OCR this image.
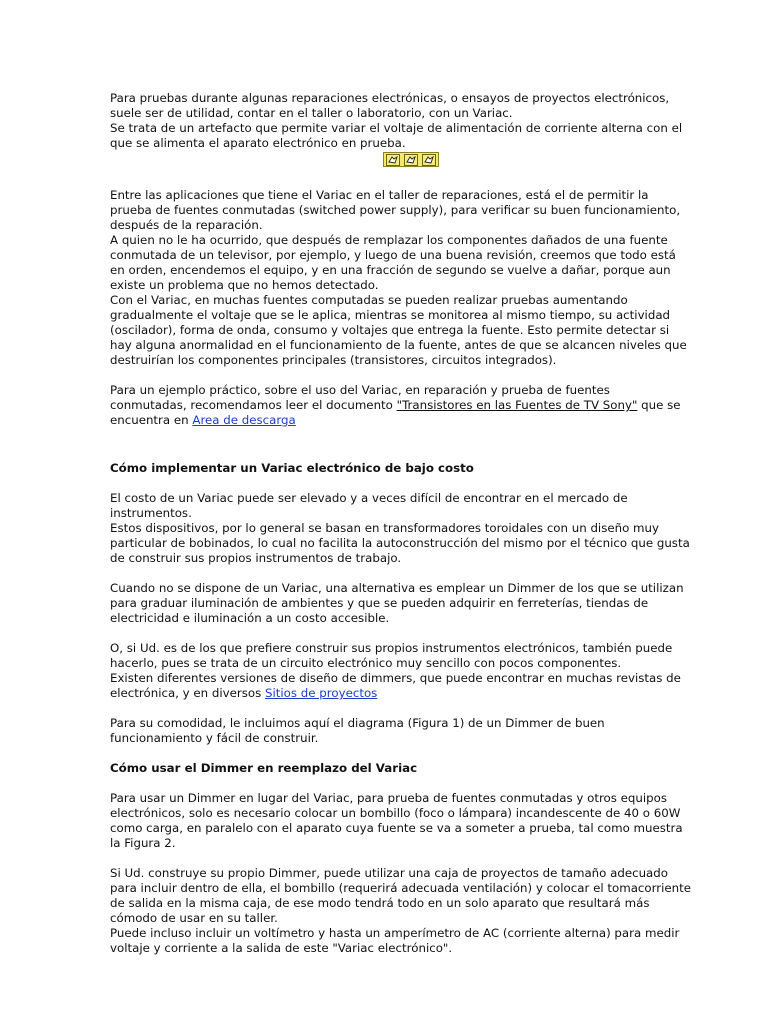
Para pruebas durante algunas reparaciones electrónicas, o ensayos de proyectos electrónicos,
suele ser de utilidad, contar en el taller o laboratorio, con un Variac.
Se trata de un artefacto que permite variar el voltaje de alimentación de corriente alterna con el
que se alimenta el aparato electrónico en prueba.

Entre las aplicaciones que tiene el Variac en el taller de reparaciones, está el de permitir la
prueba de fuentes conmutadas (switched power supply), para verificar su buen funcionamiento,
después de la reparación.
A quien no le ha ocurrido, que después de remplazar los componentes dañados de una fuente
conmutada de un televisor, por ejemplo, y luego de una buena revisión, creemos que todo está
en orden, encendemos el equipo, y en una fracción de segundo se vuelve a dañar, porque aun
existe un problema que no hemos detectado.
Con el Variac, en muchas fuentes computadas se pueden realizar pruebas aumentando
gradualmente el voltaje que se le aplica, mientras se monitorea al mismo tiempo, su actividad
(oscilador), forma de onda, consumo y voltajes que entrega la fuente. Esto permite detectar si
hay alguna anormalidad en el funcionamiento de la fuente, antes de que se alcancen niveles que
destruirían los componentes principales (transistores, circuitos integrados).

Para un ejemplo práctico, sobre el uso del Variac, en reparación y prueba de fuentes
conmutadas, recomendamos leer el documento "Transistores en las Fuentes de TV Sony" que se
encuentra en Area de descarga

Cómo implementar un Variac electrónico de bajo costo

El costo de un Variac puede ser elevado y a veces difícil de encontrar en el mercado de
instrumentos.
Estos dispositivos, por lo general se basan en transformadores toroidales con un diseño muy
particular de bobinados, lo cual no facilita la autoconstrucción del mismo por el técnico que gusta
de construir sus propios instrumentos de trabajo.

Cuando no se dispone de un Variac, una alternativa es emplear un Dimmer de los que se utilizan
para graduar iluminación de ambientes y que se pueden adquirir en ferreterías, tiendas de
electricidad e iluminación a un costo accesible.

O, si Ud. es de los que prefiere construir sus propios instrumentos electrónicos, también puede
hacerlo, pues se trata de un circuito electrónico muy sencillo con pocos componentes.
Existen diferentes versiones de diseño de dimmers, que puede encontrar en muchas revistas de
electrónica, y en diversos Sitios de proyectos

Para su comodidad, le incluimos aquí el diagrama (Figura 1) de un Dimmer de buen
funcionamiento y fácil de construir.

Cómo usar el Dimmer en reemplazo del Variac

Para usar un Dimmer en lugar del Variac, para prueba de fuentes conmutadas y otros equipos
electrónicos, solo es necesario colocar un bombillo (foco o lámpara) incandescente de 40 o 60W
como carga, en paralelo con el aparato cuya fuente se va a someter a prueba, tal como muestra
la Figura 2.

Si Ud. construye su propio Dimmer, puede utilizar una caja de proyectos de tamaño adecuado
para incluir dentro de ella, el bombillo (requerirá adecuada ventilación) y colocar el tomacorriente
de salida en la misma caja, de ese modo tendrá todo en un solo aparato que resultará más
cómodo de usar en su taller.
Puede incluso incluir un voltímetro y hasta un amperímetro de AC (corriente alterna) para medir
voltaje y corriente a la salida de este "Variac electrónico".
